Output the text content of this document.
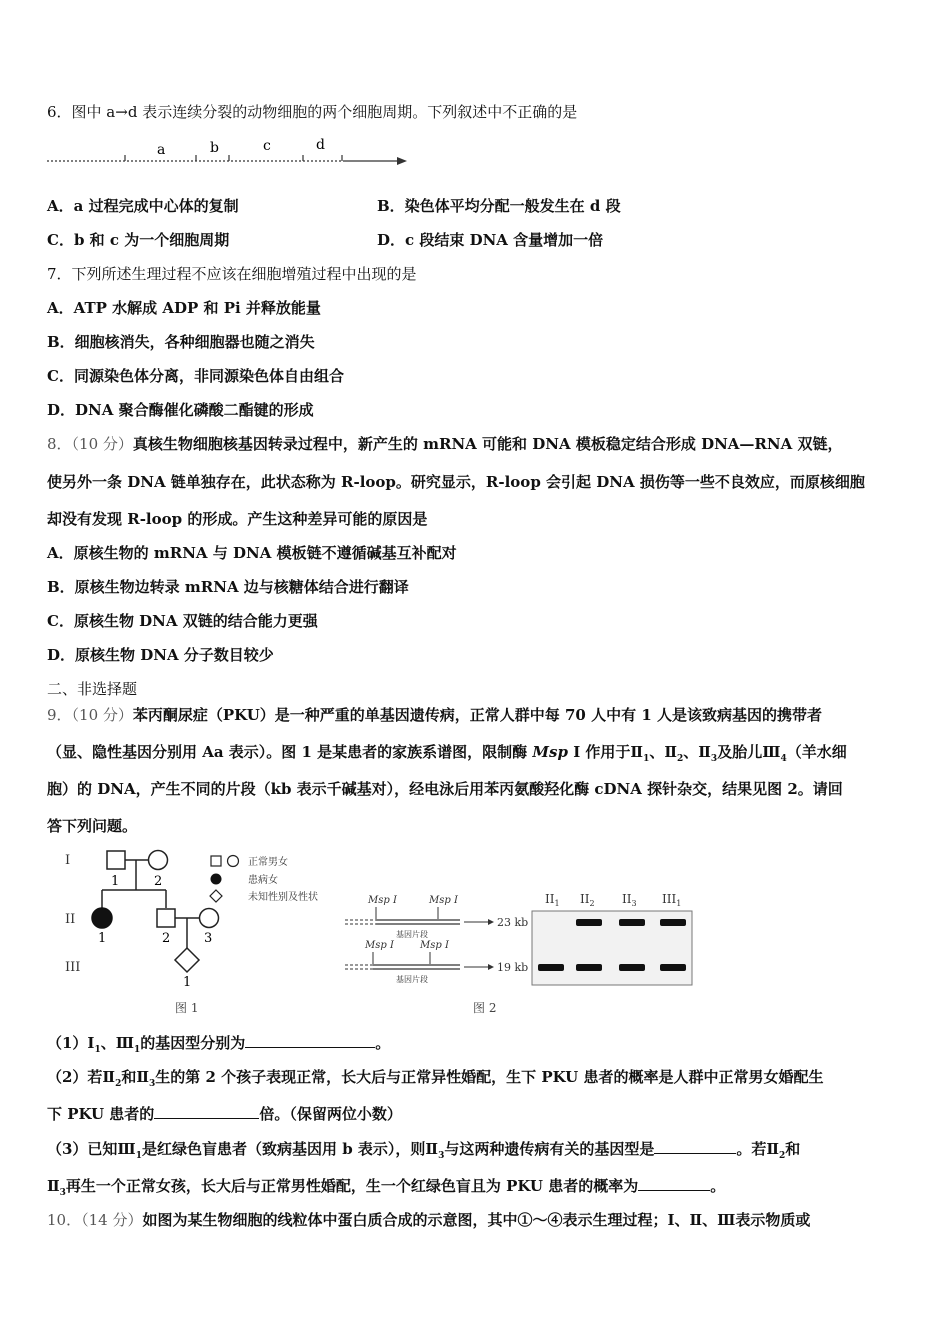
6．图中 a→d 表示连续分裂的动物细胞的两个细胞周期。下列叙述中不正确的是
a	b	c	d
A．a 过程完成中心体的复制	B．染色体平均分配一般发生在 d 段
C．b 和 c 为一个细胞周期	D．c 段结束 DNA 含量增加一倍
7．下列所述生理过程不应该在细胞增殖过程中出现的是
A．ATP 水解成 ADP 和 Pi 并释放能量
B．细胞核消失，各种细胞器也随之消失
C．同源染色体分离，非同源染色体自由组合
D．DNA 聚合酶催化磷酸二酯键的形成
8．（10 分）真核生物细胞核基因转录过程中，新产生的 mRNA 可能和 DNA 模板稳定结合形成 DNA—RNA 双链，
使另外一条 DNA 链单独存在，此状态称为 R-loop。研究显示，R-loop 会引起 DNA 损伤等一些不良效应，而原核细胞
却没有发现 R-loop 的形成。产生这种差异可能的原因是
A．原核生物的 mRNA 与 DNA 模板链不遵循碱基互补配对
B．原核生物边转录 mRNA 边与核糖体结合进行翻译
C．原核生物 DNA 双链的结合能力更强
D．原核生物 DNA 分子数目较少
二、非选择题
9．（10 分）苯丙酮尿症（PKU）是一种严重的单基因遗传病，正常人群中每 70 人中有 1 人是该致病基因的携带者
（显、隐性基因分别用 Aa 表示）。图 1 是某患者的家族系谱图，限制酶 Msp I 作用于$Ⅱ_1$、$Ⅱ_2$、$Ⅱ_3$及胎儿$Ⅲ_4$（羊水细
胞）的 DNA，产生不同的片段（kb 表示千碱基对），经电泳后用苯丙氨酸羟化酶 cDNA 探针杂交，结果见图 2。请回
答下列问题。
I
II
III
1	2
1	2	3
1
正常男女
患病女
未知性别及性状
图 1
Msp I	Msp I
基因片段
23 kb
Msp I	Msp I
基因片段
19 kb
$II_1$ $II_2$ $II_3$ $III_1$
图 2
$(1)I_1$、$Ⅲ_1$的基因型分别为	。
（2）若$Ⅱ_2$和$Ⅱ_3$生的第 2 个孩子表现正常，长大后与正常异性婚配，生下 PKU 患者的概率是人群中正常男女婚配生
下 PKU 患者的	倍。（保留两位小数）
（3）已知$Ⅲ_1$是红绿色盲患者（致病基因用 b 表示），则$Ⅱ_3$与这两种遗传病有关的基因型是	。若$Ⅱ_2$和
$Ⅱ_3$再生一个正常女孩，长大后与正常男性婚配，生一个红绿色盲且为 PKU 患者的概率为	。
10．（14 分）如图为某生物细胞的线粒体中蛋白质合成的示意图，其中①～④表示生理过程；Ⅰ、Ⅱ、Ⅲ表示物质或
